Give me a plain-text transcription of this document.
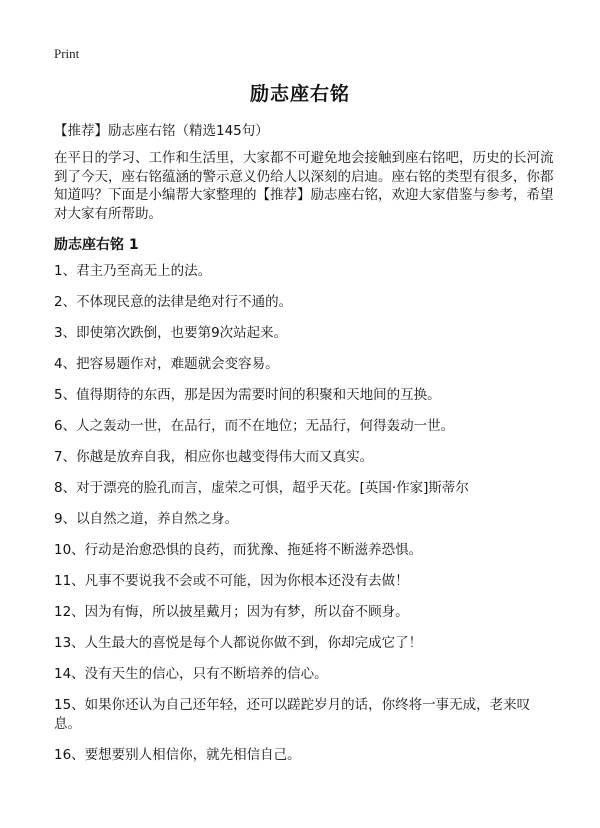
Print
励志座右铭

【推荐】励志座右铭（精选145句）

在平日的学习、工作和生活里，大家都不可避免地会接触到座右铭吧，历史的长河流到了今天，座右铭蕴涵的警示意义仍给人以深刻的启迪。座右铭的类型有很多，你都知道吗？下面是小编帮大家整理的【推荐】励志座右铭，欢迎大家借鉴与参考，希望对大家有所帮助。

励志座右铭 1
1、君主乃至高无上的法。
2、不体现民意的法律是绝对行不通的。
3、即使第次跌倒，也要第9次站起来。
4、把容易题作对，难题就会变容易。
5、值得期待的东西，那是因为需要时间的积聚和天地间的互换。
6、人之轰动一世，在品行，而不在地位；无品行，何得轰动一世。
7、你越是放弃自我，相应你也越变得伟大而又真实。
8、对于漂亮的脸孔而言，虚荣之可惧，超乎天花。[英国·作家]斯蒂尔
9、以自然之道，养自然之身。
10、行动是治愈恐惧的良药，而犹豫、拖延将不断滋养恐惧。
11、凡事不要说我不会或不可能，因为你根本还没有去做！
12、因为有悔，所以披星戴月；因为有梦，所以奋不顾身。
13、人生最大的喜悦是每个人都说你做不到，你却完成它了！
14、没有天生的信心，只有不断培养的信心。
15、如果你还认为自己还年轻，还可以蹉跎岁月的话，你终将一事无成，老来叹息。
16、要想要别人相信你，就先相信自己。
